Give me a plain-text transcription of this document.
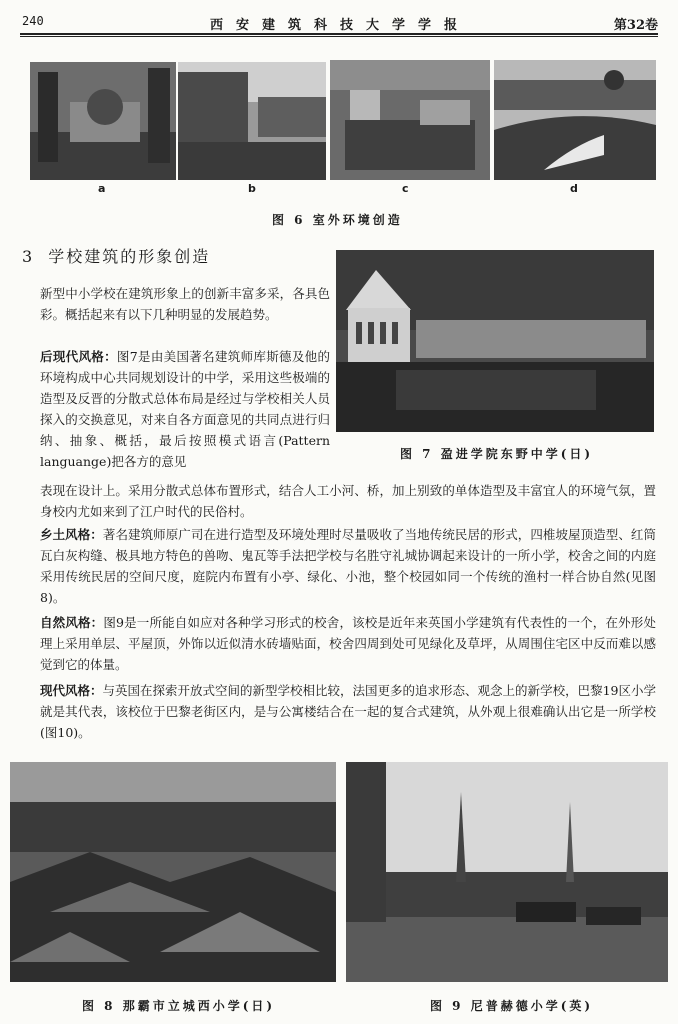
240	西安建筑科技大学学报	第32卷
a	b	c	d
图 6 室外环境创造
3 学校建筑的形象创造

新型中小学校在建筑形象上的创新丰富多采，各具色彩。概括起来有以下几种明显的发展趋势。

后现代风格：图7是由美国著名建筑师库斯德及他的环境构成中心共同规划设计的中学，采用这些极端的造型及反晋的分散式总体布局是经过与学校相关人员探入的交换意见，对来自各方面意见的共同点进行归纳、抽象、概括，最后按照模式语言(Pattern languange)把各方的意见	图 7 盈进学院东野中学(日)

表现在设计上。采用分散式总体布置形式，结合人工小河、桥，加上别致的单体造型及丰富宜人的环境气氛，置身校内尤如来到了江户时代的民俗村。

乡土风格：著名建筑师原广司在进行造型及环境处理时尽量吸收了当地传统民居的形式，四椎坡屋顶造型、红筒瓦白灰构缝、极具地方特色的兽吻、鬼瓦等手法把学校与名胜守礼城协调起来设计的一所小学，校舍之间的内庭采用传统民居的空间尺度，庭院内布置有小亭、绿化、小池，整个校园如同一个传统的渔村一样合协自然(见图8)。

自然风格：图9是一所能自如应对各种学习形式的校舍，该校是近年来英国小学建筑有代表性的一个，在外形处理上采用单层、平屋顶，外饰以近似清水砖墙贴面，校舍四周到处可见绿化及草坪，从周围住宅区中反而难以感觉到它的体量。

现代风格：与英国在探索开放式空间的新型学校相比较，法国更多的追求形态、观念上的新学校，巴黎19区小学就是其代表，该校位于巴黎老街区内，是与公寓楼结合在一起的复合式建筑，从外观上很难确认出它是一所学校(图10)。

图 8 那霸市立城西小学(日)	图 9 尼普赫德小学(英)
